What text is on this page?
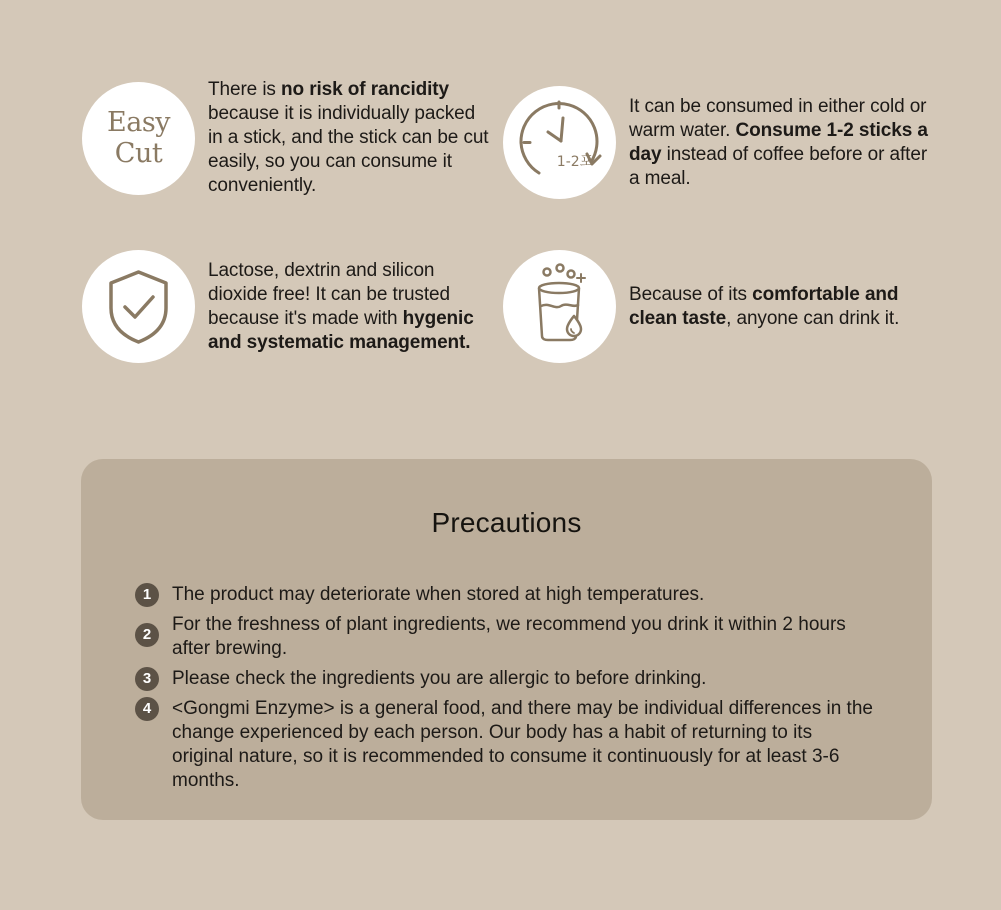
Easy
Cut
There is no risk of rancidity because it is individually packed in a stick, and the stick can be cut easily, so you can consume it conveniently.
1-2포
It can be consumed in either cold or warm water. Consume 1-2 sticks a day instead of coffee before or after a meal.
Lactose, dextrin and silicon dioxide free! It can be trusted because it's made with hygenic and systematic management.
Because of its comfortable and clean taste, anyone can drink it.
Precautions
1	The product may deteriorate when stored at high temperatures.
2	For the freshness of plant ingredients, we recommend you drink it within 2 hours after brewing.
3	Please check the ingredients you are allergic to before drinking.
4	<Gongmi Enzyme> is a general food, and there may be individual differences in the change experienced by each person. Our body has a habit of returning to its original nature, so it is recommended to consume it continuously for at least 3-6 months.
